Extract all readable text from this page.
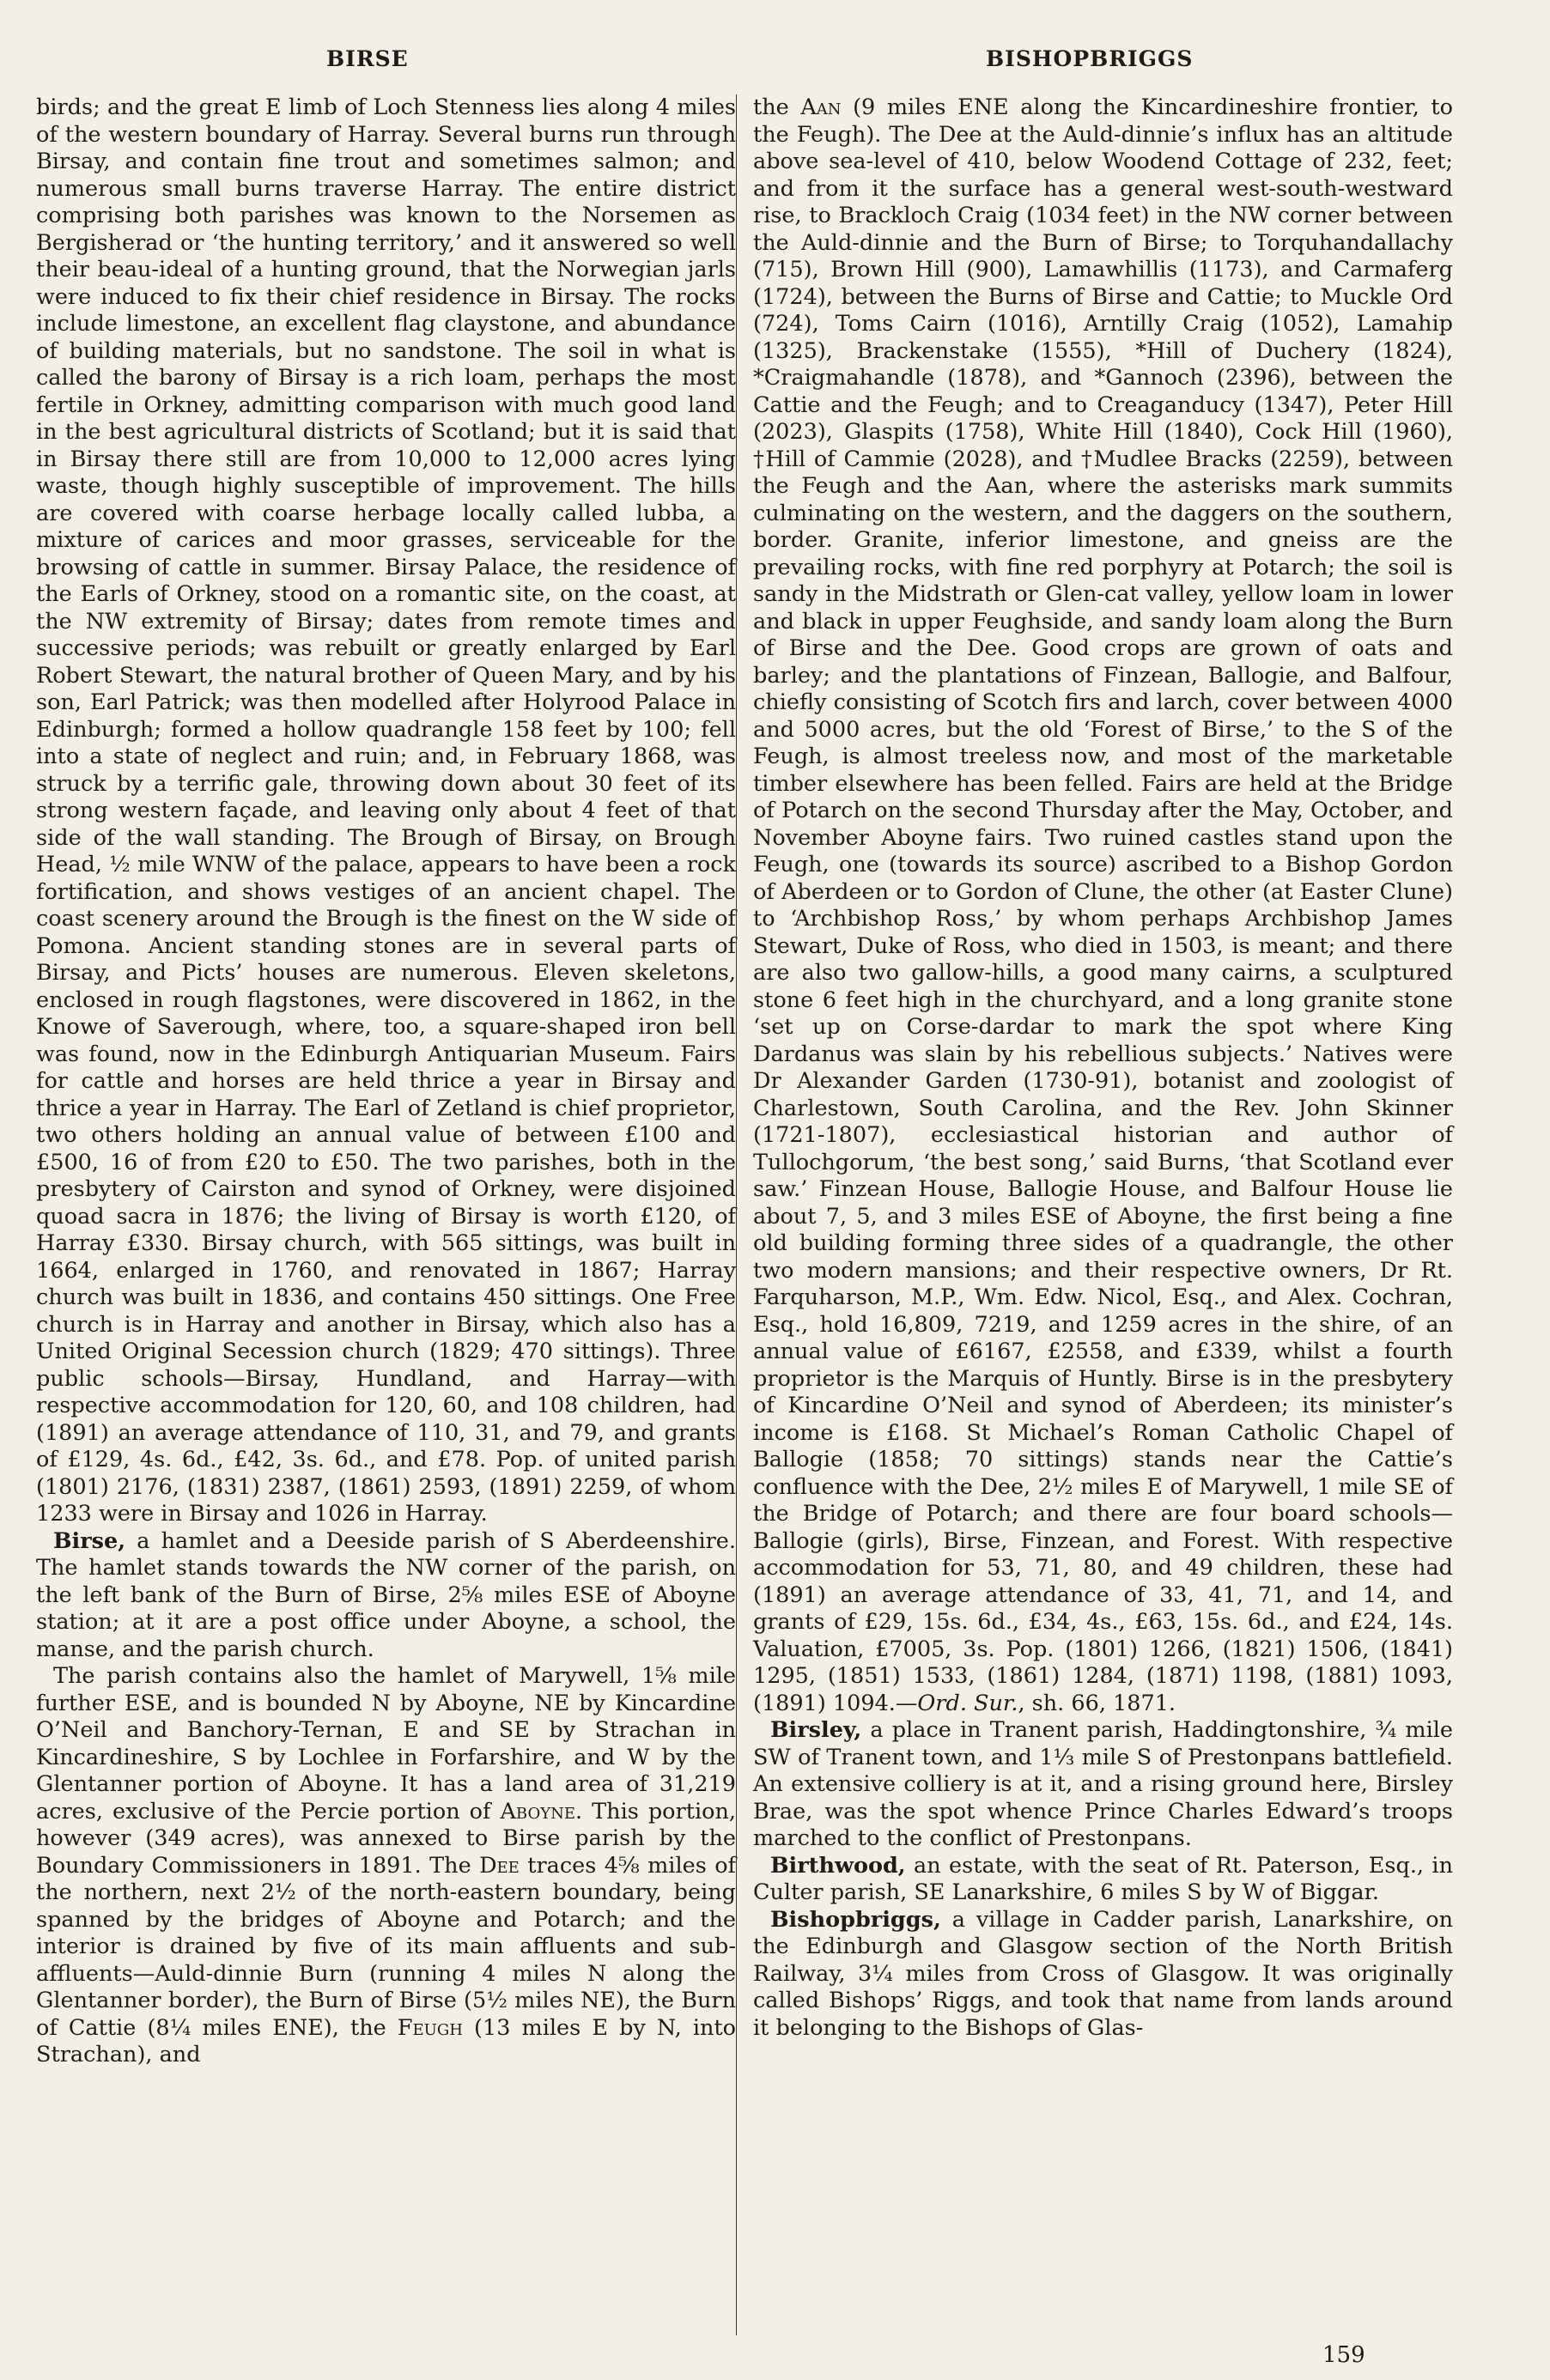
BIRSE	BISHOPBRIGGS

birds; and the great E limb of Loch Stenness lies along 4 miles of the western boundary of Harray. Several burns run through Birsay, and contain fine trout and sometimes salmon; and numerous small burns traverse Harray. The entire district comprising both parishes was known to the Norsemen as Bergisherad or ‘the hunting territory,’ and it answered so well their beau-ideal of a hunting ground, that the Norwegian jarls were induced to fix their chief residence in Birsay. The rocks include limestone, an excellent flag claystone, and abundance of building materials, but no sandstone. The soil in what is called the barony of Birsay is a rich loam, perhaps the most fertile in Orkney, admitting comparison with much good land in the best agricultural districts of Scotland; but it is said that in Birsay there still are from 10,000 to 12,000 acres lying waste, though highly susceptible of improvement. The hills are covered with coarse herbage locally called lubba, a mixture of carices and moor grasses, serviceable for the browsing of cattle in summer. Birsay Palace, the residence of the Earls of Orkney, stood on a romantic site, on the coast, at the NW extremity of Birsay; dates from remote times and successive periods; was rebuilt or greatly enlarged by Earl Robert Stewart, the natural brother of Queen Mary, and by his son, Earl Patrick; was then modelled after Holyrood Palace in Edinburgh; formed a hollow quadrangle 158 feet by 100; fell into a state of neglect and ruin; and, in February 1868, was struck by a terrific gale, throwing down about 30 feet of its strong western façade, and leaving only about 4 feet of that side of the wall standing. The Brough of Birsay, on Brough Head, ½ mile WNW of the palace, appears to have been a rock fortification, and shows vestiges of an ancient chapel. The coast scenery around the Brough is the finest on the W side of Pomona. Ancient standing stones are in several parts of Birsay, and Picts’ houses are numerous. Eleven skeletons, enclosed in rough flagstones, were discovered in 1862, in the Knowe of Saverough, where, too, a square-shaped iron bell was found, now in the Edinburgh Antiquarian Museum. Fairs for cattle and horses are held thrice a year in Birsay and thrice a year in Harray. The Earl of Zetland is chief proprietor, two others holding an annual value of between £100 and £500, 16 of from £20 to £50. The two parishes, both in the presbytery of Cairston and synod of Orkney, were disjoined quoad sacra in 1876; the living of Birsay is worth £120, of Harray £330. Birsay church, with 565 sittings, was built in 1664, enlarged in 1760, and renovated in 1867; Harray church was built in 1836, and contains 450 sittings. One Free church is in Harray and another in Birsay, which also has a United Original Secession church (1829; 470 sittings). Three public schools—Birsay, Hundland, and Harray—with respective accommodation for 120, 60, and 108 children, had (1891) an average attendance of 110, 31, and 79, and grants of £129, 4s. 6d., £42, 3s. 6d., and £78. Pop. of united parish (1801) 2176, (1831) 2387, (1861) 2593, (1891) 2259, of whom 1233 were in Birsay and 1026 in Harray.

Birse, a hamlet and a Deeside parish of S Aberdeenshire. The hamlet stands towards the NW corner of the parish, on the left bank of the Burn of Birse, 2⅝ miles ESE of Aboyne station; at it are a post office under Aboyne, a school, the manse, and the parish church.

The parish contains also the hamlet of Marywell, 1⅝ mile further ESE, and is bounded N by Aboyne, NE by Kincardine O’Neil and Banchory-Ternan, E and SE by Strachan in Kincardineshire, S by Lochlee in Forfarshire, and W by the Glentanner portion of Aboyne. It has a land area of 31,219 acres, exclusive of the Percie portion of Aboyne. This portion, however (349 acres), was annexed to Birse parish by the Boundary Commissioners in 1891. The Dee traces 4⅝ miles of the northern, next 2½ of the north-eastern boundary, being spanned by the bridges of Aboyne and Potarch; and the interior is drained by five of its main affluents and sub-affluents—Auld-dinnie Burn (running 4 miles N along the Glentanner border), the Burn of Birse (5½ miles NE), the Burn of Cattie (8¼ miles ENE), the Feugh (13 miles E by N, into Strachan), and

the Aan (9 miles ENE along the Kincardineshire frontier, to the Feugh). The Dee at the Auld-dinnie’s influx has an altitude above sea-level of 410, below Woodend Cottage of 232, feet; and from it the surface has a general west-south-westward rise, to Brackloch Craig (1034 feet) in the NW corner between the Auld-dinnie and the Burn of Birse; to Torquhandallachy (715), Brown Hill (900), Lamawhillis (1173), and Carmaferg (1724), between the Burns of Birse and Cattie; to Muckle Ord (724), Toms Cairn (1016), Arntilly Craig (1052), Lamahip (1325), Brackenstake (1555), *Hill of Duchery (1824), *Craigmahandle (1878), and *Gannoch (2396), between the Cattie and the Feugh; and to Creaganducy (1347), Peter Hill (2023), Glaspits (1758), White Hill (1840), Cock Hill (1960), †Hill of Cammie (2028), and †Mudlee Bracks (2259), between the Feugh and the Aan, where the asterisks mark summits culminating on the western, and the daggers on the southern, border. Granite, inferior limestone, and gneiss are the prevailing rocks, with fine red porphyry at Potarch; the soil is sandy in the Midstrath or Glen-cat valley, yellow loam in lower and black in upper Feughside, and sandy loam along the Burn of Birse and the Dee. Good crops are grown of oats and barley; and the plantations of Finzean, Ballogie, and Balfour, chiefly consisting of Scotch firs and larch, cover between 4000 and 5000 acres, but the old ‘Forest of Birse,’ to the S of the Feugh, is almost treeless now, and most of the marketable timber elsewhere has been felled. Fairs are held at the Bridge of Potarch on the second Thursday after the May, October, and November Aboyne fairs. Two ruined castles stand upon the Feugh, one (towards its source) ascribed to a Bishop Gordon of Aberdeen or to Gordon of Clune, the other (at Easter Clune) to ‘Archbishop Ross,’ by whom perhaps Archbishop James Stewart, Duke of Ross, who died in 1503, is meant; and there are also two gallow-hills, a good many cairns, a sculptured stone 6 feet high in the churchyard, and a long granite stone ‘set up on Corse-dardar to mark the spot where King Dardanus was slain by his rebellious subjects.’ Natives were Dr Alexander Garden (1730-91), botanist and zoologist of Charlestown, South Carolina, and the Rev. John Skinner (1721-1807), ecclesiastical historian and author of Tullochgorum, ‘the best song,’ said Burns, ‘that Scotland ever saw.’ Finzean House, Ballogie House, and Balfour House lie about 7, 5, and 3 miles ESE of Aboyne, the first being a fine old building forming three sides of a quadrangle, the other two modern mansions; and their respective owners, Dr Rt. Farquharson, M.P., Wm. Edw. Nicol, Esq., and Alex. Cochran, Esq., hold 16,809, 7219, and 1259 acres in the shire, of an annual value of £6167, £2558, and £339, whilst a fourth proprietor is the Marquis of Huntly. Birse is in the presbytery of Kincardine O’Neil and synod of Aberdeen; its minister’s income is £168. St Michael’s Roman Catholic Chapel of Ballogie (1858; 70 sittings) stands near the Cattie’s confluence with the Dee, 2½ miles E of Marywell, 1 mile SE of the Bridge of Potarch; and there are four board schools—Ballogie (girls), Birse, Finzean, and Forest. With respective accommodation for 53, 71, 80, and 49 children, these had (1891) an average attendance of 33, 41, 71, and 14, and grants of £29, 15s. 6d., £34, 4s., £63, 15s. 6d., and £24, 14s. Valuation, £7005, 3s. Pop. (1801) 1266, (1821) 1506, (1841) 1295, (1851) 1533, (1861) 1284, (1871) 1198, (1881) 1093, (1891) 1094.—Ord. Sur., sh. 66, 1871.

Birsley, a place in Tranent parish, Haddingtonshire, ¾ mile SW of Tranent town, and 1⅓ mile S of Prestonpans battlefield. An extensive colliery is at it, and a rising ground here, Birsley Brae, was the spot whence Prince Charles Edward’s troops marched to the conflict of Prestonpans.

Birthwood, an estate, with the seat of Rt. Paterson, Esq., in Culter parish, SE Lanarkshire, 6 miles S by W of Biggar.

Bishopbriggs, a village in Cadder parish, Lanarkshire, on the Edinburgh and Glasgow section of the North British Railway, 3¼ miles from Cross of Glasgow. It was originally called Bishops’ Riggs, and took that name from lands around it belonging to the Bishops of Glas-

159
